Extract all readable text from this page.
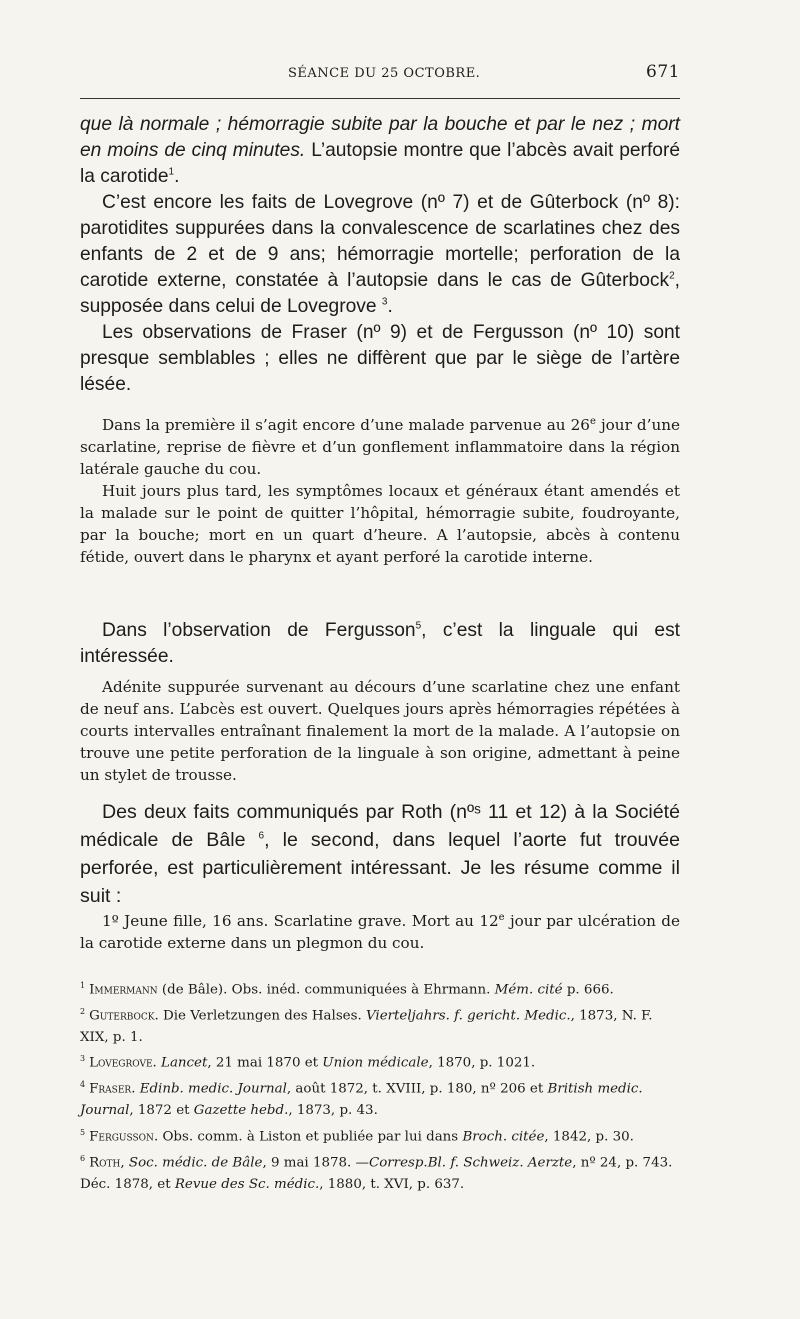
SÉANCE DU 25 OCTOBRE.	671

que là normale ; hémorragie subite par la bouche et par le nez ; mort en moins de cinq minutes. L’autopsie montre que l’abcès avait perforé la carotide$^1$.

C’est encore les faits de Lovegrove (nº 7) et de Gûterbock (nº 8): parotidites suppurées dans la convalescence de scarlatines chez des enfants de 2 et de 9 ans; hémorragie mortelle; perforation de la carotide externe, constatée à l’autopsie dans le cas de Gûterbock$^2$, supposée dans celui de Lovegrove $^3$.

Les observations de Fraser (nº 9) et de Fergusson (nº 10) sont presque semblables ; elles ne diffèrent que par le siège de l’artère lésée.

Dans la première il s’agit encore d’une malade parvenue au 26e jour d’une scarlatine, reprise de fièvre et d’un gonflement inflammatoire dans la région latérale gauche du cou.

Huit jours plus tard, les symptômes locaux et généraux étant amendés et la malade sur le point de quitter l’hôpital, hémorragie subite, foudroyante, par la bouche; mort en un quart d’heure. A l’autopsie, abcès à contenu fétide, ouvert dans le pharynx et ayant perforé la carotide interne.

Dans l’observation de Fergusson$^5$, c’est la linguale qui est intéressée.

Adénite suppurée survenant au décours d’une scarlatine chez une enfant de neuf ans. L’abcès est ouvert. Quelques jours après hémorragies répétées à courts intervalles entraînant finalement la mort de la malade. A l’autopsie on trouve une petite perforation de la linguale à son origine, admettant à peine un stylet de trousse.

Des deux faits communiqués par Roth (nºˢ 11 et 12) à la Société médicale de Bâle $^6$, le second, dans lequel l’aorte fut trouvée perforée, est particulièrement intéressant. Je les résume comme il suit :

1º Jeune fille, 16 ans. Scarlatine grave. Mort au 12e jour par ulcération de la carotide externe dans un plegmon du cou.

$^1$ Immermann (de Bâle). Obs. inéd. communiquées à Ehrmann. Mém. cité p. 666.

$^2$ Guterbock. Die Verletzungen des Halses. Vierteljahrs. f. gericht. Medic., 1873, N. F. XIX, p. 1.

$^3$ Lovegrove. Lancet, 21 mai 1870 et Union médicale, 1870, p. 1021.

$^4$ Fraser. Edinb. medic. Journal, août 1872, t. XVIII, p. 180, nº 206 et British medic. Journal, 1872 et Gazette hebd., 1873, p. 43.

$^5$ Fergusson. Obs. comm. à Liston et publiée par lui dans Broch. citée, 1842, p. 30.

$^6$ Roth, Soc. médic. de Bâle, 9 mai 1878. —Corresp.Bl. f. Schweiz. Aerzte, nº 24, p. 743. Déc. 1878, et Revue des Sc. médic., 1880, t. XVI, p. 637.
